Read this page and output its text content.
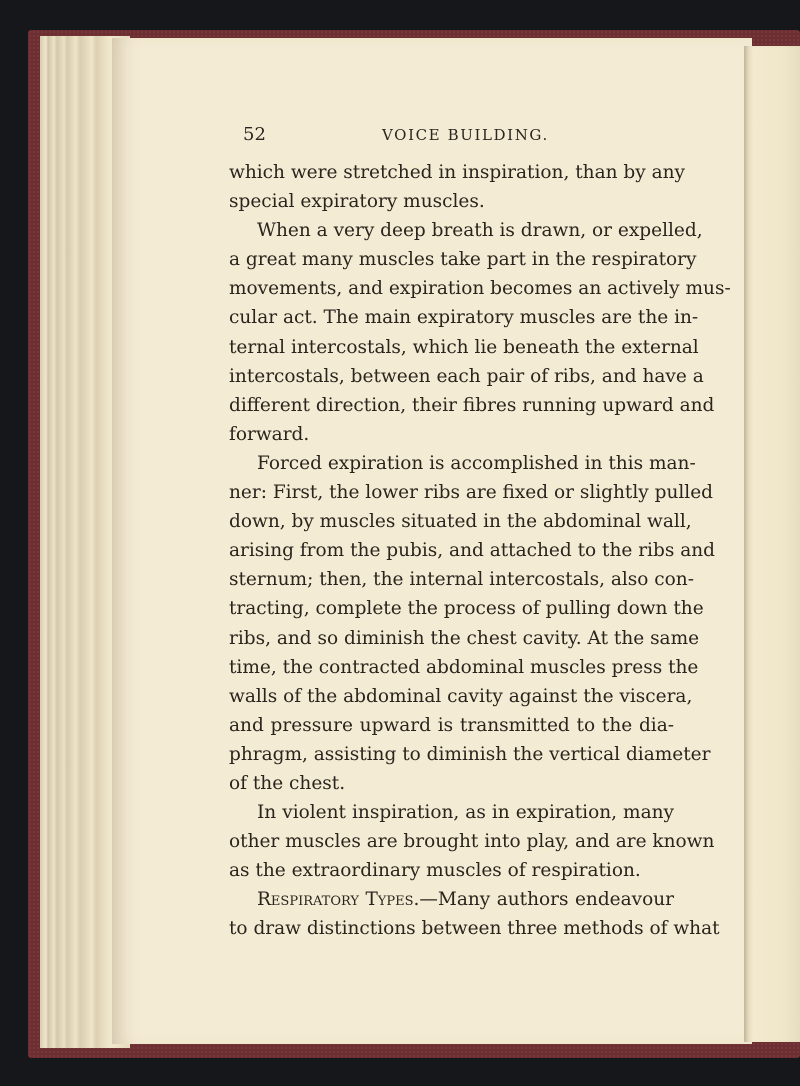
52	VOICE BUILDING.
which were stretched in inspiration, than by any
special expiratory muscles.
When a very deep breath is drawn, or expelled,
a great many muscles take part in the respiratory
movements, and expiration becomes an actively mus-
cular act. The main expiratory muscles are the in-
ternal intercostals, which lie beneath the external
intercostals, between each pair of ribs, and have a
different direction, their fibres running upward and
forward.
Forced expiration is accomplished in this man-
ner: First, the lower ribs are fixed or slightly pulled
down, by muscles situated in the abdominal wall,
arising from the pubis, and attached to the ribs and
sternum; then, the internal intercostals, also con-
tracting, complete the process of pulling down the
ribs, and so diminish the chest cavity. At the same
time, the contracted abdominal muscles press the
walls of the abdominal cavity against the viscera,
and pressure upward is transmitted to the dia-
phragm, assisting to diminish the vertical diameter
of the chest.
In violent inspiration, as in expiration, many
other muscles are brought into play, and are known
as the extraordinary muscles of respiration.
Respiratory Types.—Many authors endeavour
to draw distinctions between three methods of what
